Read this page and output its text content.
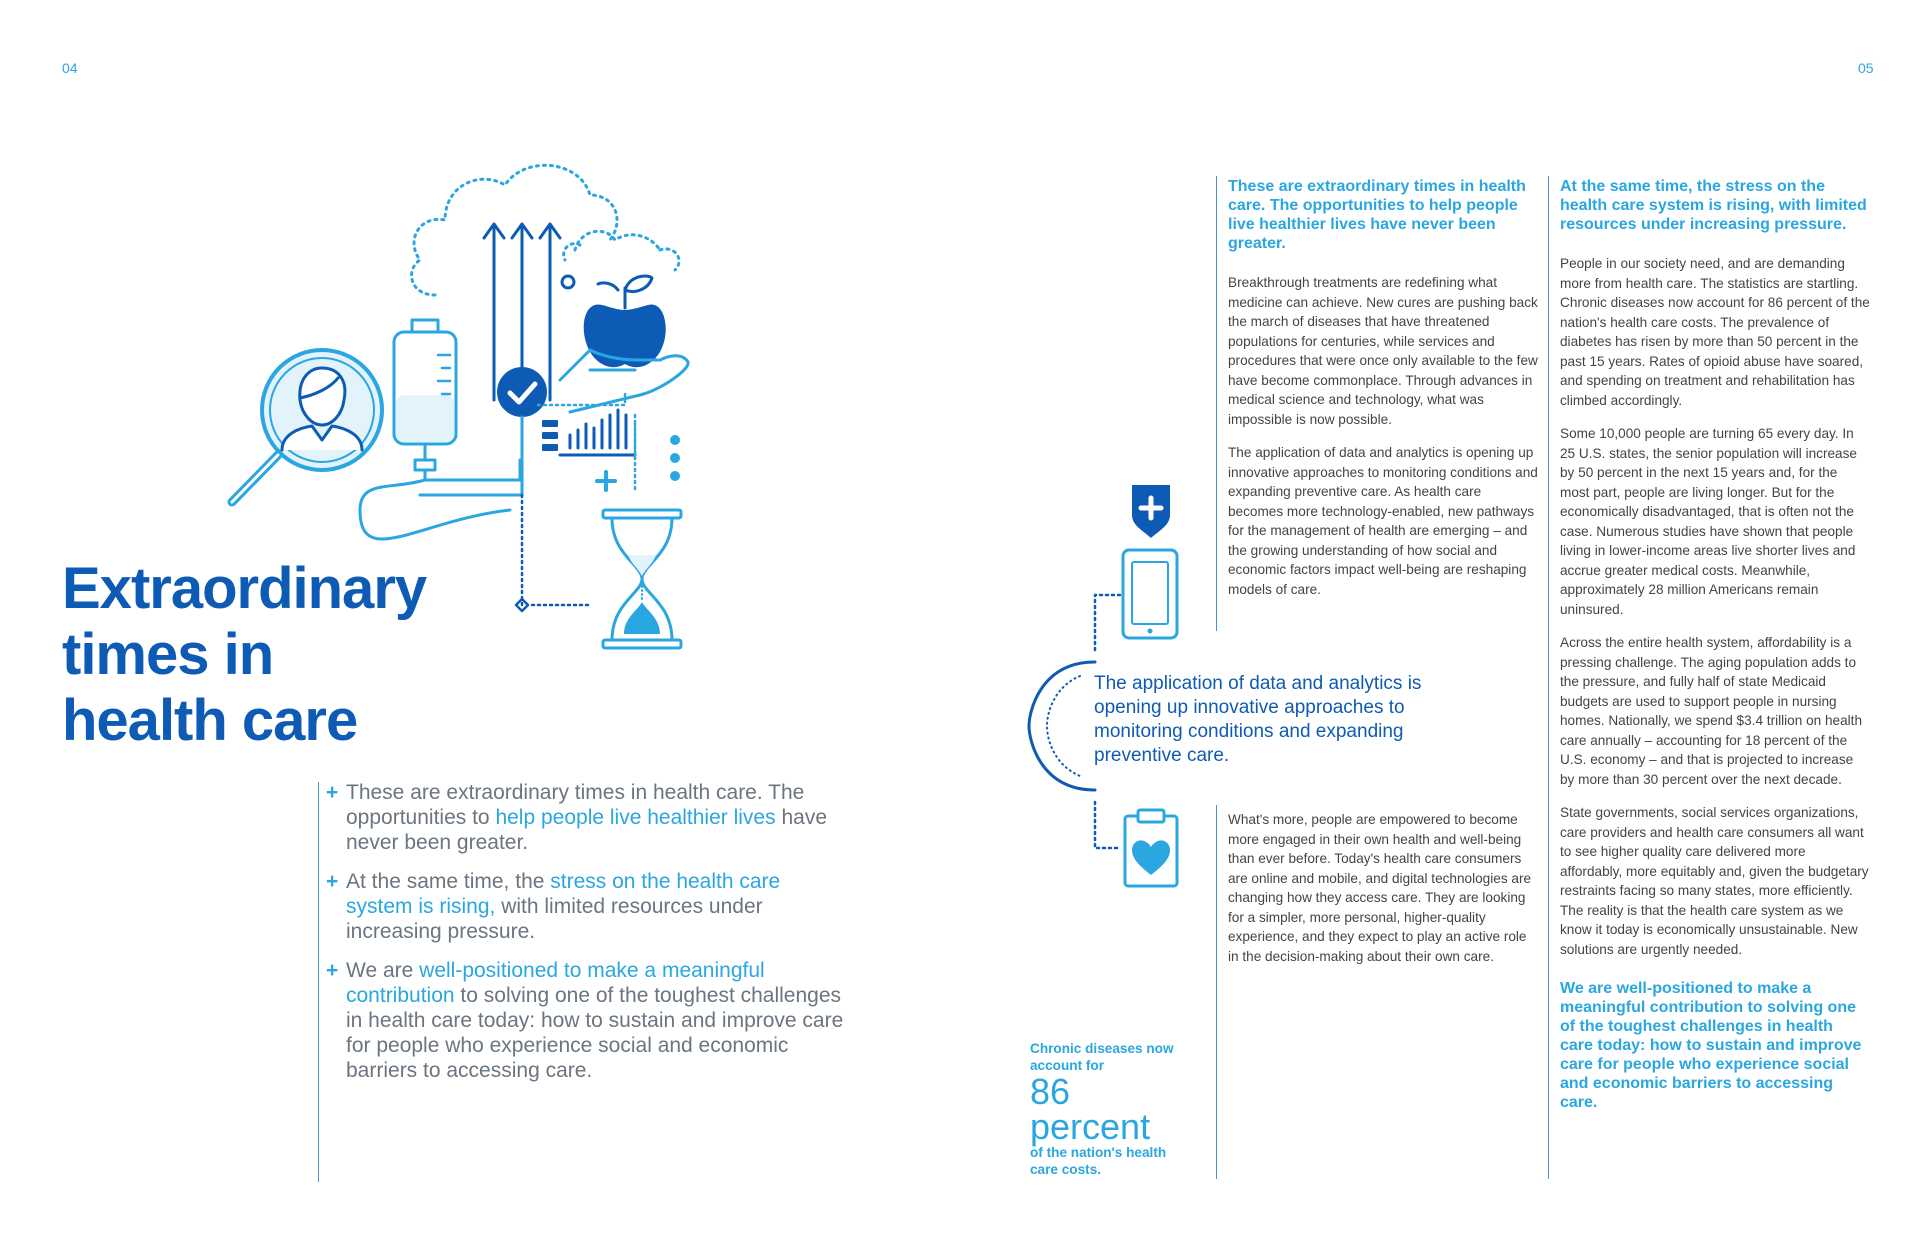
04	05
Extraordinary
times in
health care
+ These are extraordinary times in health care. The opportunities to help people live healthier lives have never been greater.
+ At the same time, the stress on the health care system is rising, with limited resources under increasing pressure.
+ We are well-positioned to make a meaningful contribution to solving one of the toughest challenges in health care today: how to sustain and improve care for people who experience social and economic barriers to accessing care.
The application of data and analytics is opening up innovative approaches to monitoring conditions and expanding preventive care.
Chronic diseases now account for
86
percent
of the nation's health care costs.

These are extraordinary times in health care. The opportunities to help people live healthier lives have never been greater.

Breakthrough treatments are redefining what medicine can achieve. New cures are pushing back the march of diseases that have threatened populations for centuries, while services and procedures that were once only available to the few have become commonplace. Through advances in medical science and technology, what was impossible is now possible.

The application of data and analytics is opening up innovative approaches to monitoring conditions and expanding preventive care. As health care becomes more technology-enabled, new pathways for the management of health are emerging – and the growing understanding of how social and economic factors impact well-being are reshaping models of care.

What's more, people are empowered to become more engaged in their own health and well-being than ever before. Today's health care consumers are online and mobile, and digital technologies are changing how they access care. They are looking for a simpler, more personal, higher-quality experience, and they expect to play an active role in the decision-making about their own care.

At the same time, the stress on the health care system is rising, with limited resources under increasing pressure.

People in our society need, and are demanding more from health care. The statistics are startling. Chronic diseases now account for 86 percent of the nation's health care costs. The prevalence of diabetes has risen by more than 50 percent in the past 15 years. Rates of opioid abuse have soared, and spending on treatment and rehabilitation has climbed accordingly.

Some 10,000 people are turning 65 every day. In 25 U.S. states, the senior population will increase by 50 percent in the next 15 years and, for the most part, people are living longer. But for the economically disadvantaged, that is often not the case. Numerous studies have shown that people living in lower-income areas live shorter lives and accrue greater medical costs. Meanwhile, approximately 28 million Americans remain uninsured.

Across the entire health system, affordability is a pressing challenge. The aging population adds to the pressure, and fully half of state Medicaid budgets are used to support people in nursing homes. Nationally, we spend $3.4 trillion on health care annually – accounting for 18 percent of the U.S. economy – and that is projected to increase by more than 30 percent over the next decade.

State governments, social services organizations, care providers and health care consumers all want to see higher quality care delivered more affordably, more equitably and, given the budgetary restraints facing so many states, more efficiently. The reality is that the health care system as we know it today is economically unsustainable. New solutions are urgently needed.

We are well-positioned to make a meaningful contribution to solving one of the toughest challenges in health care today: how to sustain and improve care for people who experience social and economic barriers to accessing care.
